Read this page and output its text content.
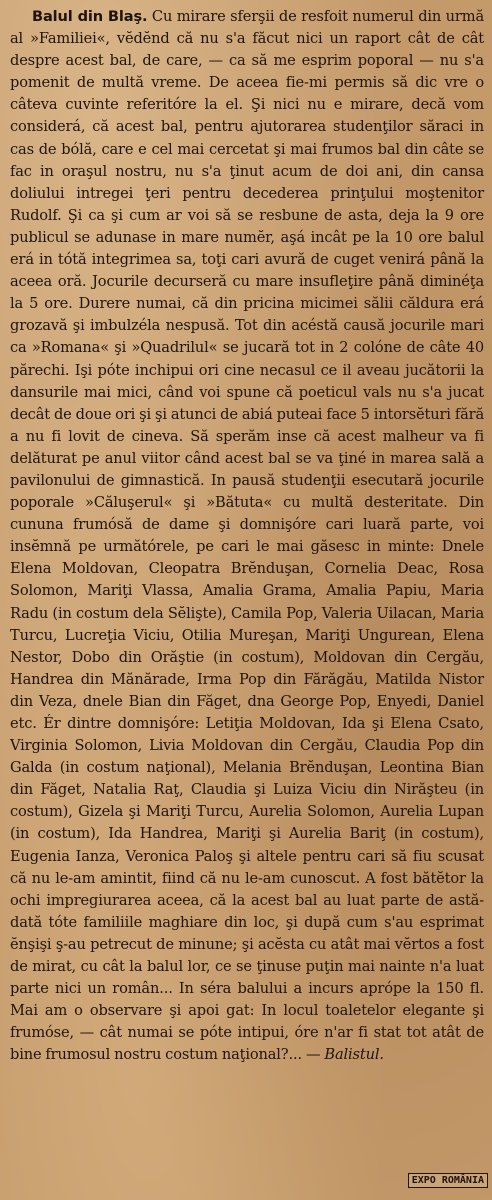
Balul din Blaş. Cu mirare sferşii de resfoit numerul din urmă al »Familiei«, vĕdĕnd că nu s'a făcut nici un raport cât de cât despre acest bal, de care, — ca să me esprim poporal — nu s'a pomenit de multă vreme. De aceea fie-mi permis să dic vre o câteva cuvinte referitóre la el. Şi nici nu e mirare, decă vom considerá, că acest bal, pentru ajutorarea studenţilor săraci in cas de bólă, care e cel mai cercetat şi mai frumos bal din câte se fac in oraşul nostru, nu s'a ţinut acum de doi ani, din cansa doliului intregei ţeri pentru decederea prinţului moştenitor Rudolf. Şi ca şi cum ar voi să se resbune de asta, deja la 9 ore publicul se adunase in mare numĕr, aşá incât pe la 10 ore balul erá in tótă integrimea sa, toţi cari avură de cuget venirá până la aceea oră. Jocurile decurseră cu mare insufleţire până diminéţa la 5 ore. Durere numai, că din pricina micimei sălii căldura erá grozavă şi imbulzéla nespusă. Tot din acéstă causă jocurile mari ca »Romana« şi »Quadrilul« se jucară tot in 2 colóne de câte 40 părechi. Işi póte inchipui ori cine necasul ce il aveau jucătorii la dansurile mai mici, când voi spune că poeticul vals nu s'a jucat decât de doue ori şi şi atunci de abiá puteai face 5 intorsĕturi fără a nu fi lovit de cineva. Să sperăm inse că acest malheur va fi delăturat pe anul viitor când acest bal se va ţiné in marea sală a pavilonului de gimnastică. In pausă studenţii esecutară jocurile poporale »Căluşerul« şi »Bătuta« cu multă desteritate. Din cununa frumósă de dame şi domnişóre cari luară parte, voi insĕmnă pe următórele, pe cari le mai găsesc in minte: Dnele Elena Moldovan, Cleopatra Brĕnduşan, Cornelia Deac, Rosa Solomon, Mariţi Vlassa, Amalia Grama, Amalia Papiu, Maria Radu (in costum dela Sĕlişte), Camila Pop, Valeria Uilacan, Maria Turcu, Lucreţia Viciu, Otilia Mureşan, Mariţi Ungurean, Elena Nestor, Dobo din Orăştie (in costum), Moldovan din Cergău, Handrea din Mănărade, Irma Pop din Fărăgău, Matilda Nistor din Veza, dnele Bian din Făget, dna George Pop, Enyedi, Daniel etc. Ér dintre domnişóre: Letiţia Moldovan, Ida şi Elena Csato, Virginia Solomon, Livia Moldovan din Cergău, Claudia Pop din Galda (in costum naţional), Melania Brĕnduşan, Leontina Bian din Făget, Natalia Raţ, Claudia şi Luiza Viciu din Nirăşteu (in costum), Gizela şi Mariţi Turcu, Aurelia Solomon, Aurelia Lupan (in costum), Ida Handrea, Mariţi şi Aurelia Bariţ (in costum), Eugenia Ianza, Veronica Paloş şi altele pentru cari să fiu scusat că nu le-am amintit, fiind că nu le-am cunoscut. A fost bătĕtor la ochi impregiurarea aceea, că la acest bal au luat parte de astă-dată tóte familiile maghiare din loc, şi după cum s'au esprimat ĕnşişi ş-au petrecut de minune; şi acĕsta cu atât mai vĕrtos a fost de mirat, cu cât la balul lor, ce se ţinuse puţin mai nainte n'a luat parte nici un român... In séra balului a incurs aprópe la 150 fl. Mai am o observare şi apoi gat: In locul toaletelor elegante şi frumóse, — cât numai se póte intipui, óre n'ar fi stat tot atât de bine frumosul nostru costum naţional?... — Balistul.

EXPO ROMÂNIA
